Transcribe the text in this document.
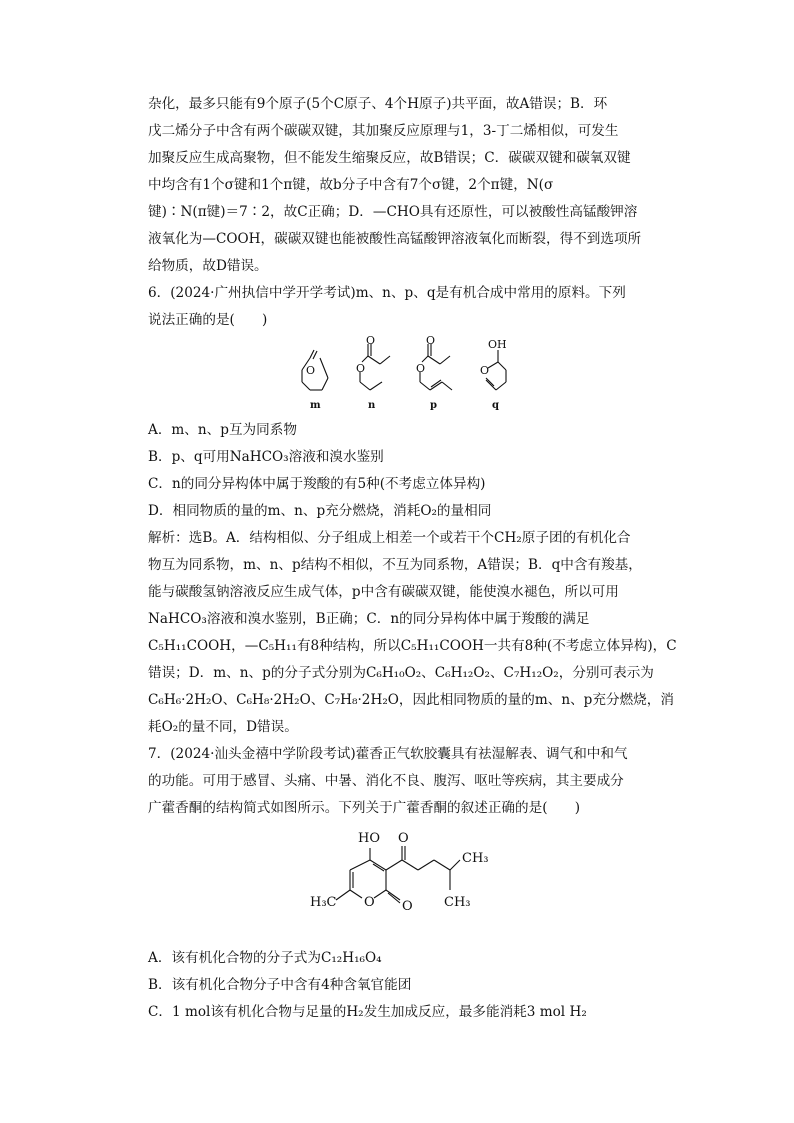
杂化，最多只能有9个原子(5个C原子、4个H原子)共平面，故A错误；B．环
戊二烯分子中含有两个碳碳双键，其加聚反应原理与1，3-丁二烯相似，可发生
加聚反应生成高聚物，但不能发生缩聚反应，故B错误；C．碳碳双键和碳氧双键
中均含有1个σ键和1个π键，故b分子中含有7个σ键，2个π键，N(σ
键)∶N(π键)＝7∶2，故C正确；D．—CHO具有还原性，可以被酸性高锰酸钾溶
液氧化为—COOH，碳碳双键也能被酸性高锰酸钾溶液氧化而断裂，得不到选项所
给物质，故D错误。
6．(2024·广州执信中学开学考试)m、n、p、q是有机合成中常用的原料。下列
说法正确的是(　　)
O	O
O
O
O	OH
O
m	n	p	q
A．m、n、p互为同系物
B．p、q可用NaHCO₃溶液和溴水鉴别
C．n的同分异构体中属于羧酸的有5种(不考虑立体异构)
D．相同物质的量的m、n、p充分燃烧，消耗O₂的量相同
解析：选B。A．结构相似、分子组成上相差一个或若干个CH₂原子团的有机化合
物互为同系物，m、n、p结构不相似，不互为同系物，A错误；B．q中含有羧基，
能与碳酸氢钠溶液反应生成气体，p中含有碳碳双键，能使溴水褪色，所以可用
NaHCO₃溶液和溴水鉴别，B正确；C．n的同分异构体中属于羧酸的满足
C₅H₁₁COOH，—C₅H₁₁有8种结构，所以C₅H₁₁COOH一共有8种(不考虑立体异构)，C
错误；D．m、n、p的分子式分别为C₆H₁₀O₂、C₆H₁₂O₂、C₇H₁₂O₂，分别可表示为
C₆H₆·2H₂O、C₆H₈·2H₂O、C₇H₈·2H₂O，因此相同物质的量的m、n、p充分燃烧，消
耗O₂的量不同，D错误。
7．(2024·汕头金禧中学阶段考试)藿香正气软胶囊具有祛湿解表、调气和中和气
的功能。可用于感冒、头痛、中暑、消化不良、腹泻、呕吐等疾病，其主要成分
广藿香酮的结构简式如图所示。下列关于广藿香酮的叙述正确的是(　　)
HO O
CH₃
CH₃
H₃C O O
A．该有机化合物的分子式为C₁₂H₁₆O₄
B．该有机化合物分子中含有4种含氧官能团
C．1 mol该有机化合物与足量的H₂发生加成反应，最多能消耗3 mol H₂
